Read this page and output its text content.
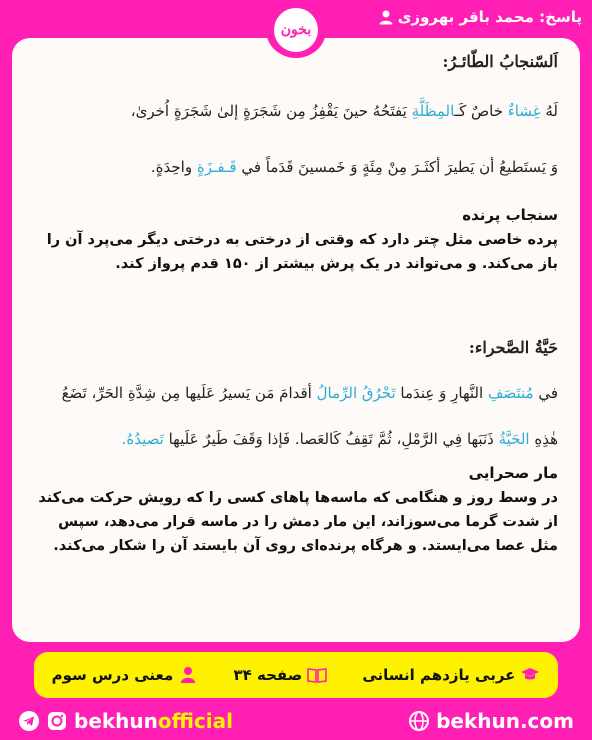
پاسخ: محمد باقر بهروزی
بخون
اَلسّنجابُ الطّائـرُ:
لَهُ غِشاءٌ خاصٌ كَـالمِظَلَّةِ يَفتَحُهُ حينَ يَقْفِزُ مِن شَجَرَةٍ إلىٰ شَجَرَةٍ اُخرىٰ،
وَ يَستَطيعُ أن يَطيرَ أكثَـرَ مِنْ مِئَةٍ وَ خَمسينَ قَدَماً في قَـفـزَةٍ واحِدَةٍ.
سنجاب پرنده
پرده خاصی مثل چتر دارد که وقتی از درختی به درختی دیگر می‌پرد آن را باز می‌کند. و می‌تواند در یک پرش بیشتر از ۱۵۰ قدم پرواز کند.
حَيَّةُ الصَّحراء:
في مُنتَصَفِ النَّهارِ وَ عِندَما تَحْرُقُ الرِّمالُ أقدامَ مَن يَسيرُ عَلَيها مِن شِدَّةِ الحَرِّ، تَضَعُ
هٰذِهِ الحَيَّةُ ذَنَبَها فِي الرَّمْلِ، ثُمَّ تَقِفُ كَالعَصا. فَإذا وَقَفَ طَيرٌ عَلَيها تَصيدُهُ.
مار صحرایی
در وسط روز و هنگامی که ماسه‌ها پاهای کسی را که رویش حرکت می‌کند از شدت گرما می‌سوزاند، این مار دمش را در ماسه قرار می‌دهد، سپس مثل عصا می‌ایستد. و هرگاه پرنده‌ای روی آن بایستد آن را شکار می‌کند.
عربی یازدهم انسانی
صفحه ۳۴
معنی درس سوم
bekhunofficial	bekhun.com
